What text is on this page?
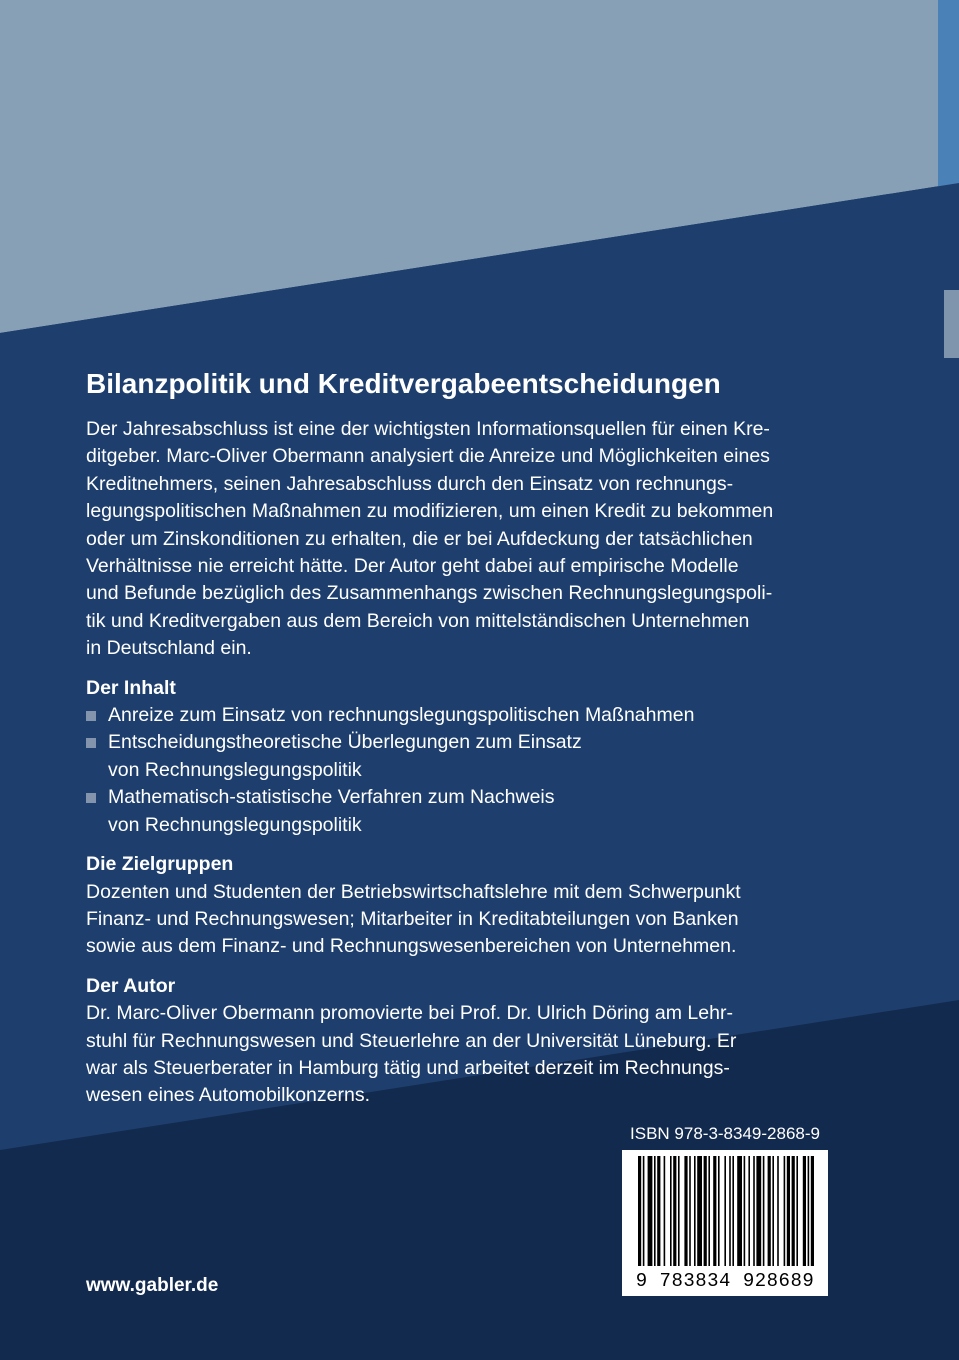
Bilanzpolitik und Kreditvergabeentscheidungen

Der Jahresabschluss ist eine der wichtigsten Informationsquellen für einen Kre-
ditgeber. Marc-Oliver Obermann analysiert die Anreize und Möglichkeiten eines
Kreditnehmers, seinen Jahresabschluss durch den Einsatz von rechnungs-
legungspolitischen Maßnahmen zu modifizieren, um einen Kredit zu bekommen
oder um Zinskonditionen zu erhalten, die er bei Aufdeckung der tatsächlichen
Verhältnisse nie erreicht hätte. Der Autor geht dabei auf empirische Modelle
und Befunde bezüglich des Zusammenhangs zwischen Rechnungslegungspoli-
tik und Kreditvergaben aus dem Bereich von mittelständischen Unternehmen
in Deutschland ein.

Der Inhalt
Anreize zum Einsatz von rechnungslegungspolitischen Maßnahmen
Entscheidungstheoretische Überlegungen zum Einsatz
von Rechnungslegungspolitik
Mathematisch-statistische Verfahren zum Nachweis
von Rechnungslegungspolitik
Die Zielgruppen

Dozenten und Studenten der Betriebswirtschaftslehre mit dem Schwerpunkt
Finanz- und Rechnungswesen; Mitarbeiter in Kreditabteilungen von Banken
sowie aus dem Finanz- und Rechnungswesenbereichen von Unternehmen.

Der Autor

Dr. Marc-Oliver Obermann promovierte bei Prof. Dr. Ulrich Döring am Lehr-
stuhl für Rechnungswesen und Steuerlehre an der Universität Lüneburg. Er
war als Steuerberater in Hamburg tätig und arbeitet derzeit im Rechnungs-
wesen eines Automobilkonzerns.

ISBN 978-3-8349-2868-9
9 783834 928689
www.gabler.de
